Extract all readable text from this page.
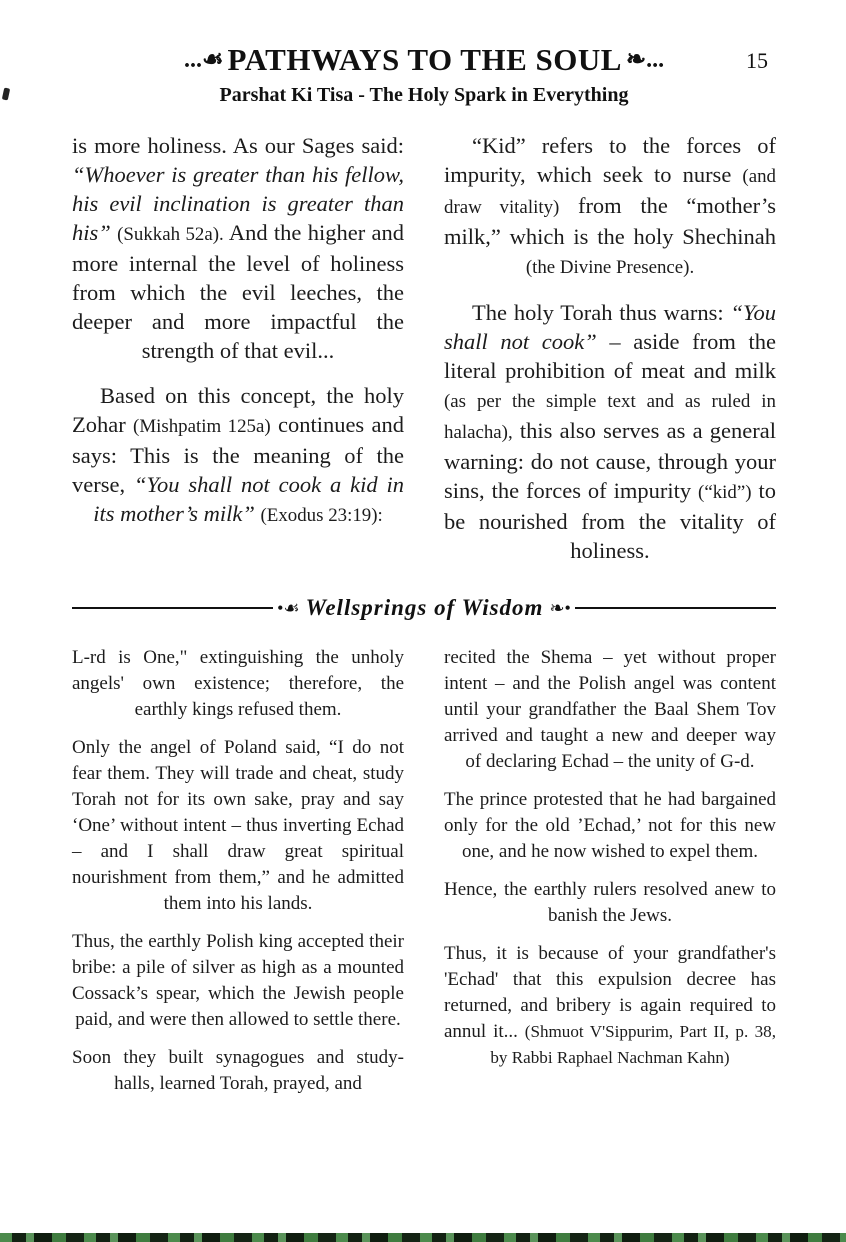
...☙ PATHWAYS TO THE SOUL ❧...	15
Parshat Ki Tisa - The Holy Spark in Everything

is more holiness. As our Sages said: “Whoever is greater than his fellow, his evil inclination is greater than his” (Sukkah 52a). And the higher and more internal the level of holiness from which the evil leeches, the deeper and more impactful the strength of that evil...

Based on this concept, the holy Zohar (Mishpatim 125a) continues and says: This is the meaning of the verse, “You shall not cook a kid in its mother’s milk” (Exodus 23:19):

“Kid” refers to the forces of impurity, which seek to nurse (and draw vitality) from the “mother’s milk,” which is the holy Shechinah (the Divine Presence).

The holy Torah thus warns: “You shall not cook” – aside from the literal prohibition of meat and milk (as per the simple text and as ruled in halacha), this also serves as a general warning: do not cause, through your sins, the forces of impurity (“kid”) to be nourished from the vitality of holiness.

•☙ Wellsprings of Wisdom ❧•

L-rd is One," extinguishing the unholy angels' own existence; therefore, the earthly kings refused them.

Only the angel of Poland said, “I do not fear them. They will trade and cheat, study Torah not for its own sake, pray and say ‘One’ without intent – thus inverting Echad – and I shall draw great spiritual nourishment from them,” and he admitted them into his lands.

Thus, the earthly Polish king accepted their bribe: a pile of silver as high as a mounted Cossack’s spear, which the Jewish people paid, and were then allowed to settle there.

Soon they built synagogues and study-halls, learned Torah, prayed, and

recited the Shema – yet without proper intent – and the Polish angel was content until your grandfather the Baal Shem Tov arrived and taught a new and deeper way of declaring Echad – the unity of G-d.

The prince protested that he had bargained only for the old ’Echad,’ not for this new one, and he now wished to expel them.

Hence, the earthly rulers resolved anew to banish the Jews.

Thus, it is because of your grandfather's 'Echad' that this expulsion decree has returned, and bribery is again required to annul it... (Shmuot V'Sippurim, Part II, p. 38, by Rabbi Raphael Nachman Kahn)
